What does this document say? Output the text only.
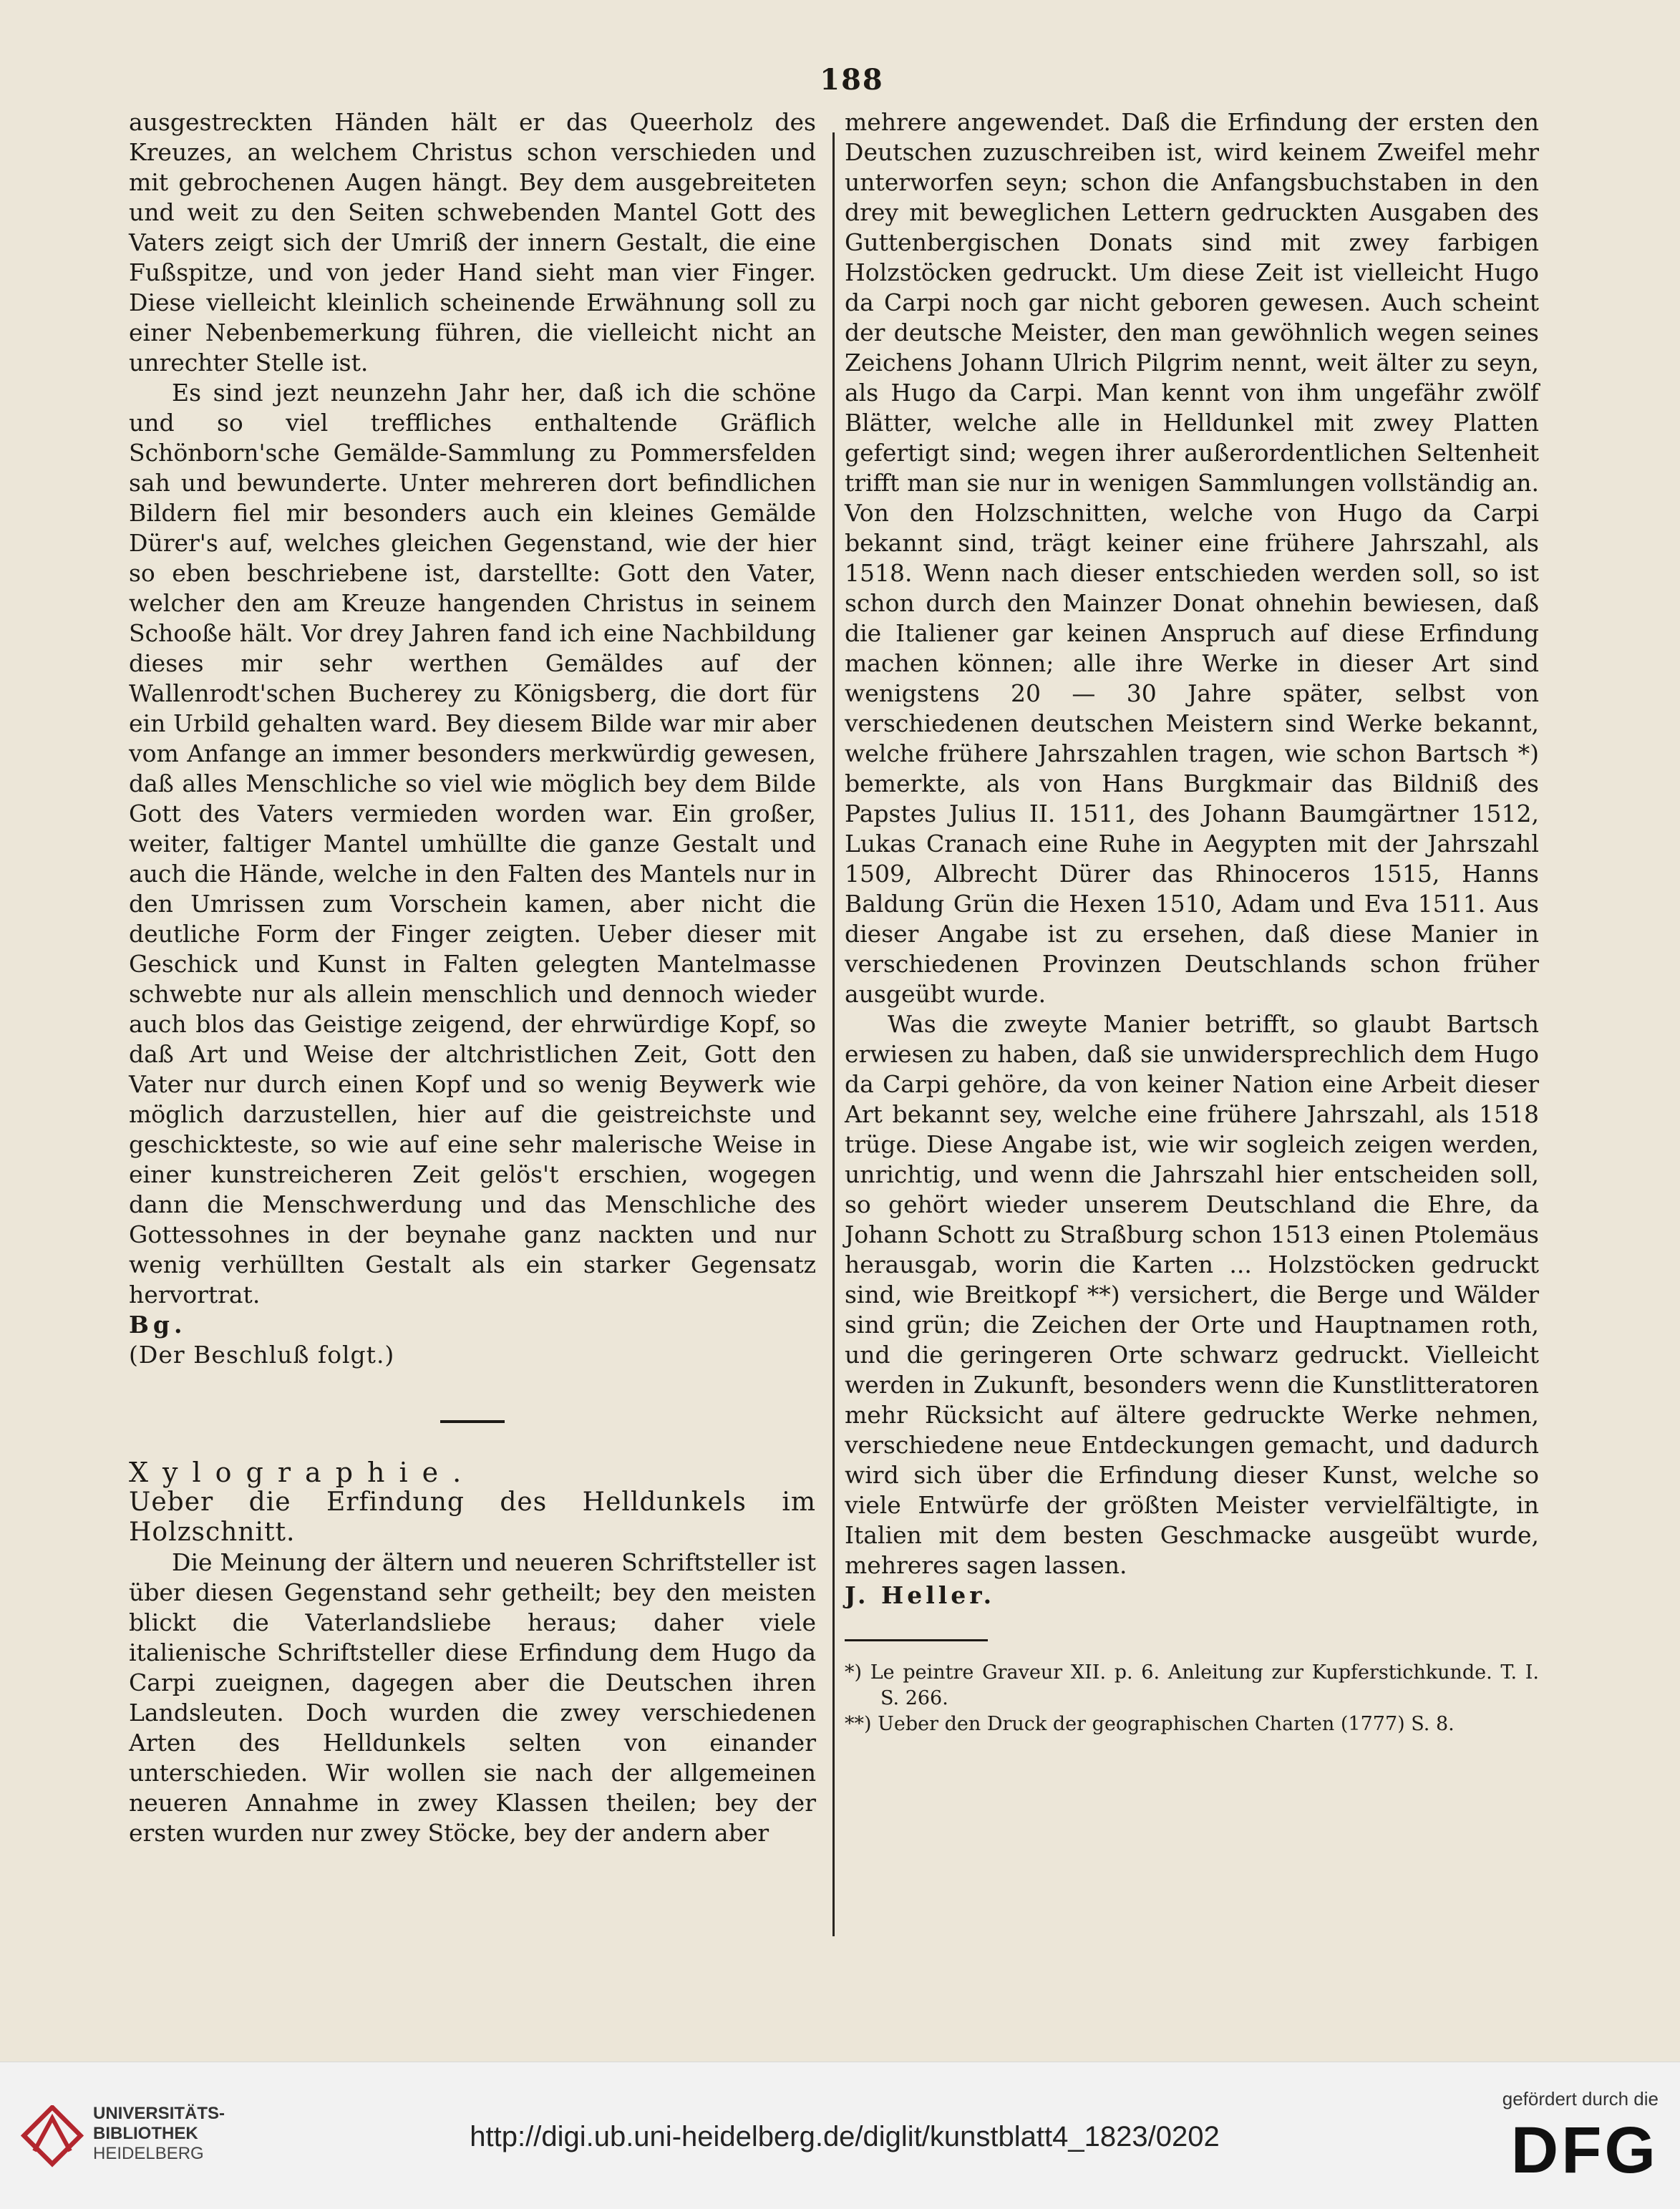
188

ausgestreckten Händen hält er das Queerholz des Kreuzes, an welchem Christus schon verschieden und mit gebrochenen Augen hängt. Bey dem ausgebreiteten und weit zu den Seiten schwebenden Mantel Gott des Vaters zeigt sich der Umriß der innern Gestalt, die eine Fußspitze, und von jeder Hand sieht man vier Finger. Diese vielleicht kleinlich scheinende Erwähnung soll zu einer Nebenbemerkung führen, die vielleicht nicht an unrechter Stelle ist.

Es sind jezt neunzehn Jahr her, daß ich die schöne und so viel treffliches enthaltende Gräflich Schönborn'sche Gemälde-Sammlung zu Pommersfelden sah und bewunderte. Unter mehreren dort befindlichen Bildern fiel mir besonders auch ein kleines Gemälde Dürer's auf, welches gleichen Gegenstand, wie der hier so eben beschriebene ist, darstellte: Gott den Vater, welcher den am Kreuze hangenden Christus in seinem Schooße hält. Vor drey Jahren fand ich eine Nachbildung dieses mir sehr werthen Gemäldes auf der Wallenrodt'schen Bucherey zu Königsberg, die dort für ein Urbild gehalten ward. Bey diesem Bilde war mir aber vom Anfange an immer besonders merkwürdig gewesen, daß alles Menschliche so viel wie möglich bey dem Bilde Gott des Vaters vermieden worden war. Ein großer, weiter, faltiger Mantel umhüllte die ganze Gestalt und auch die Hände, welche in den Falten des Mantels nur in den Umrissen zum Vorschein kamen, aber nicht die deutliche Form der Finger zeigten. Ueber dieser mit Geschick und Kunst in Falten gelegten Mantelmasse schwebte nur als allein menschlich und dennoch wieder auch blos das Geistige zeigend, der ehrwürdige Kopf, so daß Art und Weise der altchristlichen Zeit, Gott den Vater nur durch einen Kopf und so wenig Beywerk wie möglich darzustellen, hier auf die geistreichste und geschickteste, so wie auf eine sehr malerische Weise in einer kunstreicheren Zeit gelös't erschien, wogegen dann die Menschwerdung und das Menschliche des Gottessohnes in der beynahe ganz nackten und nur wenig verhüllten Gestalt als ein starker Gegensatz hervortrat.

Bg.

(Der Beschluß folgt.)

Xylographie.

Ueber die Erfindung des Helldunkels im Holzschnitt.

Die Meinung der ältern und neueren Schriftsteller ist über diesen Gegenstand sehr getheilt; bey den meisten blickt die Vaterlandsliebe heraus; daher viele italienische Schriftsteller diese Erfindung dem Hugo da Carpi zueignen, dagegen aber die Deutschen ihren Landsleuten. Doch wurden die zwey verschiedenen Arten des Helldunkels selten von einander unterschieden. Wir wollen sie nach der allgemeinen neueren Annahme in zwey Klassen theilen; bey der ersten wurden nur zwey Stöcke, bey der andern aber

mehrere angewendet. Daß die Erfindung der ersten den Deutschen zuzuschreiben ist, wird keinem Zweifel mehr unterworfen seyn; schon die Anfangsbuchstaben in den drey mit beweglichen Lettern gedruckten Ausgaben des Guttenbergischen Donats sind mit zwey farbigen Holzstöcken gedruckt. Um diese Zeit ist vielleicht Hugo da Carpi noch gar nicht geboren gewesen. Auch scheint der deutsche Meister, den man gewöhnlich wegen seines Zeichens Johann Ulrich Pilgrim nennt, weit älter zu seyn, als Hugo da Carpi. Man kennt von ihm ungefähr zwölf Blätter, welche alle in Helldunkel mit zwey Platten gefertigt sind; wegen ihrer außerordentlichen Seltenheit trifft man sie nur in wenigen Sammlungen vollständig an. Von den Holzschnitten, welche von Hugo da Carpi bekannt sind, trägt keiner eine frühere Jahrszahl, als 1518. Wenn nach dieser entschieden werden soll, so ist schon durch den Mainzer Donat ohnehin bewiesen, daß die Italiener gar keinen Anspruch auf diese Erfindung machen können; alle ihre Werke in dieser Art sind wenigstens 20 — 30 Jahre später, selbst von verschiedenen deutschen Meistern sind Werke bekannt, welche frühere Jahrszahlen tragen, wie schon Bartsch *) bemerkte, als von Hans Burgkmair das Bildniß des Papstes Julius II. 1511, des Johann Baumgärtner 1512, Lukas Cranach eine Ruhe in Aegypten mit der Jahrszahl 1509, Albrecht Dürer das Rhinoceros 1515, Hanns Baldung Grün die Hexen 1510, Adam und Eva 1511. Aus dieser Angabe ist zu ersehen, daß diese Manier in verschiedenen Provinzen Deutschlands schon früher ausgeübt wurde.

Was die zweyte Manier betrifft, so glaubt Bartsch erwiesen zu haben, daß sie unwidersprechlich dem Hugo da Carpi gehöre, da von keiner Nation eine Arbeit dieser Art bekannt sey, welche eine frühere Jahrszahl, als 1518 trüge. Diese Angabe ist, wie wir sogleich zeigen werden, unrichtig, und wenn die Jahrszahl hier entscheiden soll, so gehört wieder unserem Deutschland die Ehre, da Johann Schott zu Straßburg schon 1513 einen Ptolemäus herausgab, worin die Karten ... Holzstöcken gedruckt sind, wie Breitkopf **) versichert, die Berge und Wälder sind grün; die Zeichen der Orte und Hauptnamen roth, und die geringeren Orte schwarz gedruckt. Vielleicht werden in Zukunft, besonders wenn die Kunstlitteratoren mehr Rücksicht auf ältere gedruckte Werke nehmen, verschiedene neue Entdeckungen gemacht, und dadurch wird sich über die Erfindung dieser Kunst, welche so viele Entwürfe der größten Meister vervielfältigte, in Italien mit dem besten Geschmacke ausgeübt wurde, mehreres sagen lassen.

J. Heller.

*) Le peintre Graveur XII. p. 6. Anleitung zur Kupferstichkunde. T. I. S. 266.

**) Ueber den Druck der geographischen Charten (1777) S. 8.

UNIVERSITÄTS-
BIBLIOTHEK
HEIDELBERG
http://digi.ub.uni-heidelberg.de/diglit/kunstblatt4_1823/0202
gefördert durch die
DFG
